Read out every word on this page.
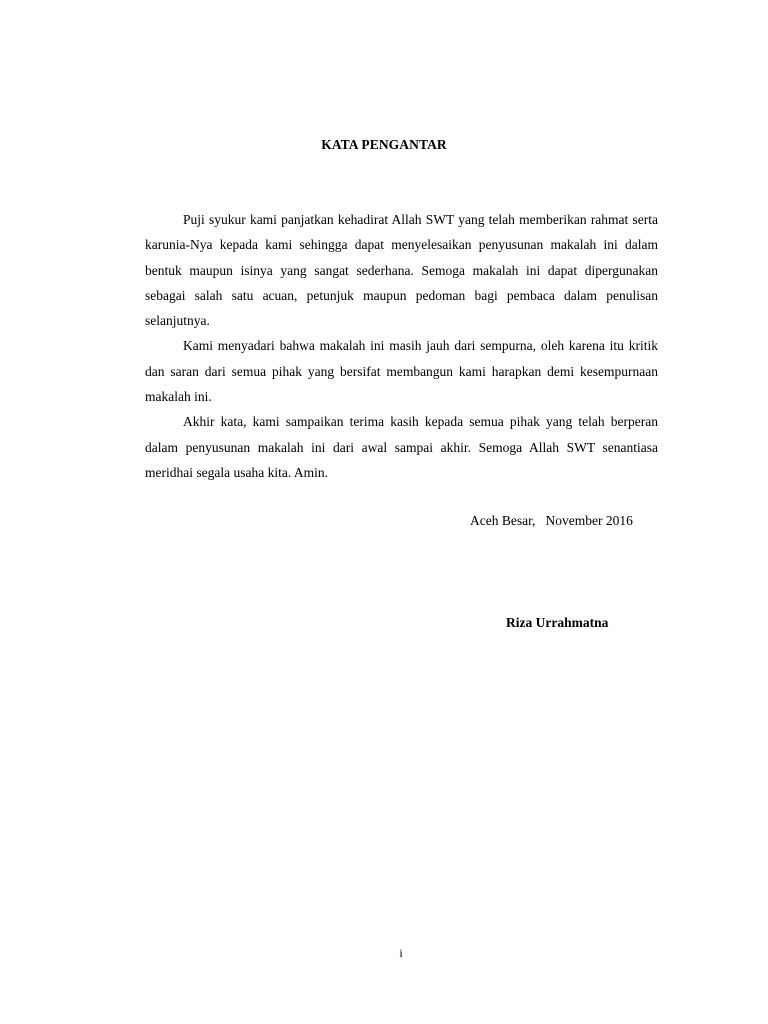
KATA PENGANTAR

Puji syukur kami panjatkan kehadirat Allah SWT yang telah memberikan rahmat serta karunia-Nya kepada kami sehingga dapat menyelesaikan penyusunan makalah ini dalam bentuk maupun isinya yang sangat sederhana. Semoga makalah ini dapat dipergunakan sebagai salah satu acuan, petunjuk maupun pedoman bagi pembaca dalam penulisan selanjutnya.

Kami menyadari bahwa makalah ini masih jauh dari sempurna, oleh karena itu kritik dan saran dari semua pihak yang bersifat membangun kami harapkan demi kesempurnaan makalah ini.

Akhir kata, kami sampaikan terima kasih kepada semua pihak yang telah berperan dalam penyusunan makalah ini dari awal sampai akhir. Semoga Allah SWT senantiasa meridhai segala usaha kita. Amin.

Aceh Besar,   November 2016
Riza Urrahmatna
i
